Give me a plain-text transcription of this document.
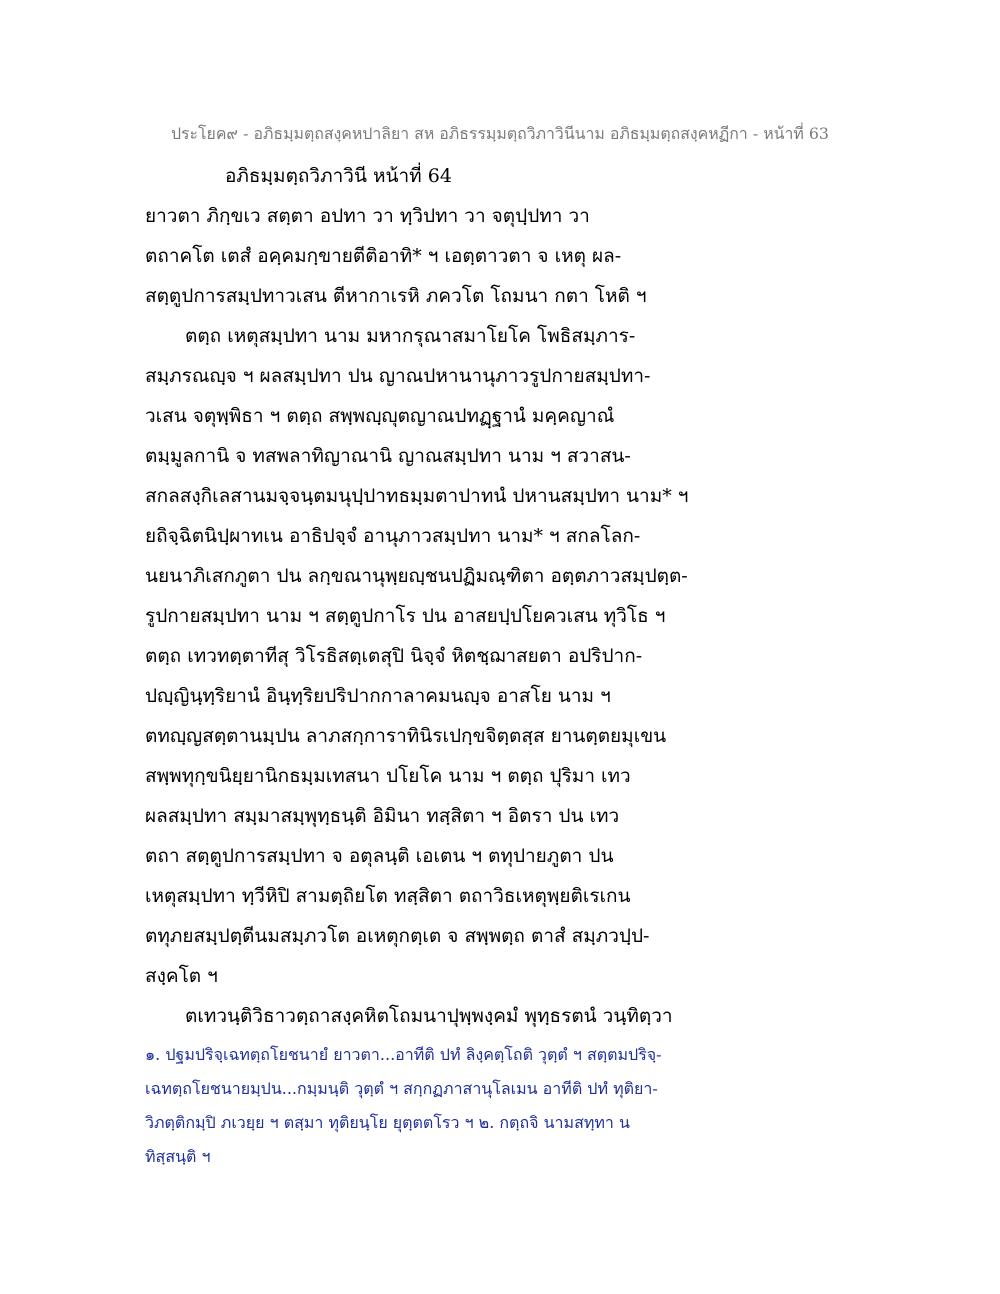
ประโยค๙ - อภิธมฺมตฺถสงฺคหปาลิยา สห อภิธรรมฺมตฺถวิภาวินีนาม อภิธมฺมตฺถสงฺคหฏีกา - หน้าที่ 63
อภิธมฺมตฺถวิภาวินี หน้าที่ 64
ยาวตา ภิกฺขเว สตฺตา อปทา วา ทฺวิปทา วา จตุปฺปทา วา
ตถาคโต เตสํ อคฺคมกฺขายตีติอาทิ* ฯ เอตฺตาวตา จ เหตุ ผล-
สตฺตูปการสมฺปทาวเสน ตีหากาเรหิ ภควโต โถมนา กตา โหติ ฯ
ตตฺถ เหตุสมฺปทา นาม มหากรุณาสมาโยโค โพธิสมฺภาร-
สมฺภรณญฺจ ฯ ผลสมฺปทา ปน ญาณปหานานุภาวรูปกายสมฺปทา-
วเสน จตุพฺพิธา ฯ ตตฺถ สพฺพญฺญุตญาณปทฏฺฐานํ มคฺคญาณํ
ตมฺมูลกานิ จ ทสพลาทิญาณานิ ญาณสมฺปทา นาม ฯ สวาสน-
สกลสงฺกิเลสานมจฺจนฺตมนุปฺปาทธมฺมตาปาทนํ ปหานสมฺปทา นาม* ฯ
ยถิจฺฉิตนิปฺผาทเน อาธิปจฺจํ อานุภาวสมฺปทา นาม* ฯ สกลโลก-
นยนาภิเสกภูตา ปน ลกฺขณานุพฺยญฺชนปฏิมณฺฑิตา อตฺตภาวสมฺปตฺต-
รูปกายสมฺปทา นาม ฯ สตฺตูปกาโร ปน อาสยปฺปโยควเสน ทุวิโธ ฯ
ตตฺถ เทวทตฺตาทีสุ วิโรธิสตฺเตสุปิ นิจฺจํ หิตชฺฌาสยตา อปริปาก-
ปญฺญินฺทฺริยานํ อินฺทฺริยปริปากกาลาคมนญฺจ อาสโย นาม ฯ
ตทญฺญสตฺตานมฺปน ลาภสกฺการาทินิรเปกฺขจิตฺตสฺส ยานตฺตยมุเขน
สพฺพทุกฺขนิยฺยานิกธมฺมเทสนา ปโยโค นาม ฯ ตตฺถ ปุริมา เทว
ผลสมฺปทา สมฺมาสมฺพุทฺธนฺติ อิมินา ทสฺสิตา ฯ อิตรา ปน เทว
ตถา สตฺตูปการสมฺปทา จ อตุลนฺติ เอเตน ฯ ตทุปายภูตา ปน
เหตุสมฺปทา ทฺวีหิปิ สามตฺถิยโต ทสฺสิตา ตถาวิธเหตุพฺยติเรเกน
ตทุภยสมฺปตฺตีนมสมฺภวโต อเหตุกตฺเต จ สพฺพตฺถ ตาสํ สมฺภวปฺป-
สงฺคโต ฯ
ตเทวนฺติวิธาวตฺถาสงฺคหิตโถมนาปุพฺพงฺคมํ พุทฺธรตนํ วนฺทิตฺวา
๑. ปฐมปริจฺเฉทตฺถโยชนายํ ยาวตา...อาทีติ ปทํ ลิงฺคตฺโถติ วุตฺตํ ฯ สตฺตมปริจฺ-
เฉทตฺถโยชนายมฺปน...กมฺมนฺติ วุตฺตํ ฯ สกฺกฏภาสานุโลเมน อาทีติ ปทํ ทุติยา-
วิภตฺติกมฺปิ ภเวยฺย ฯ ตสฺมา ทุติยนฺโย ยุตฺตตโรว ฯ ๒. กตฺถจิ นามสทฺทา น
ทิสฺสนฺติ ฯ
